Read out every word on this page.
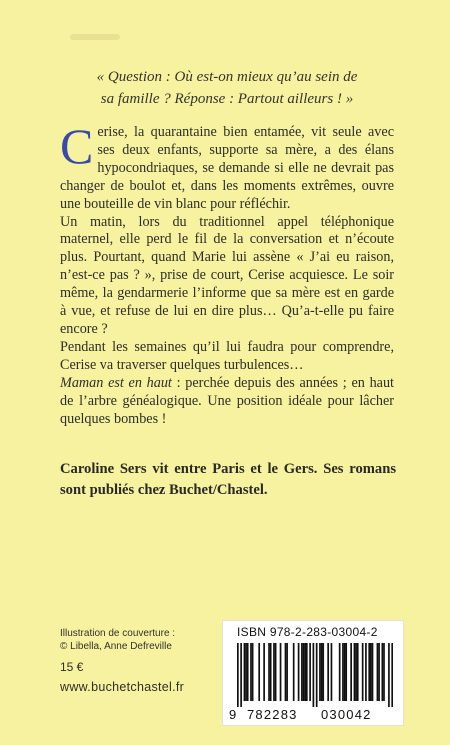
« Question : Où est-on mieux qu’au sein de
sa famille ? Réponse : Partout ailleurs ! »

Cerise, la quarantaine bien entamée, vit seule avec ses deux enfants, supporte sa mère, a des élans hypocondriaques, se demande si elle ne devrait pas changer de boulot et, dans les moments extrêmes, ouvre une bouteille de vin blanc pour réfléchir.

Un matin, lors du traditionnel appel téléphonique maternel, elle perd le fil de la conversation et n’écoute plus. Pourtant, quand Marie lui assène « J’ai eu raison, n’est-ce pas ? », prise de court, Cerise acquiesce. Le soir même, la gendarmerie l’informe que sa mère est en garde à vue, et refuse de lui en dire plus… Qu’a-t-elle pu faire encore ?

Pendant les semaines qu’il lui faudra pour comprendre, Cerise va traverser quelques turbulences…

Maman est en haut : perchée depuis des années ; en haut de l’arbre généalogique. Une position idéale pour lâcher quelques bombes !

Caroline Sers vit entre Paris et le Gers. Ses romans sont publiés chez Buchet/Chastel.
Illustration de couverture :
© Libella, Anne Defreville
15 €
www.buchetchastel.fr
ISBN 978-2-283-03004-2
9 782283 030042
